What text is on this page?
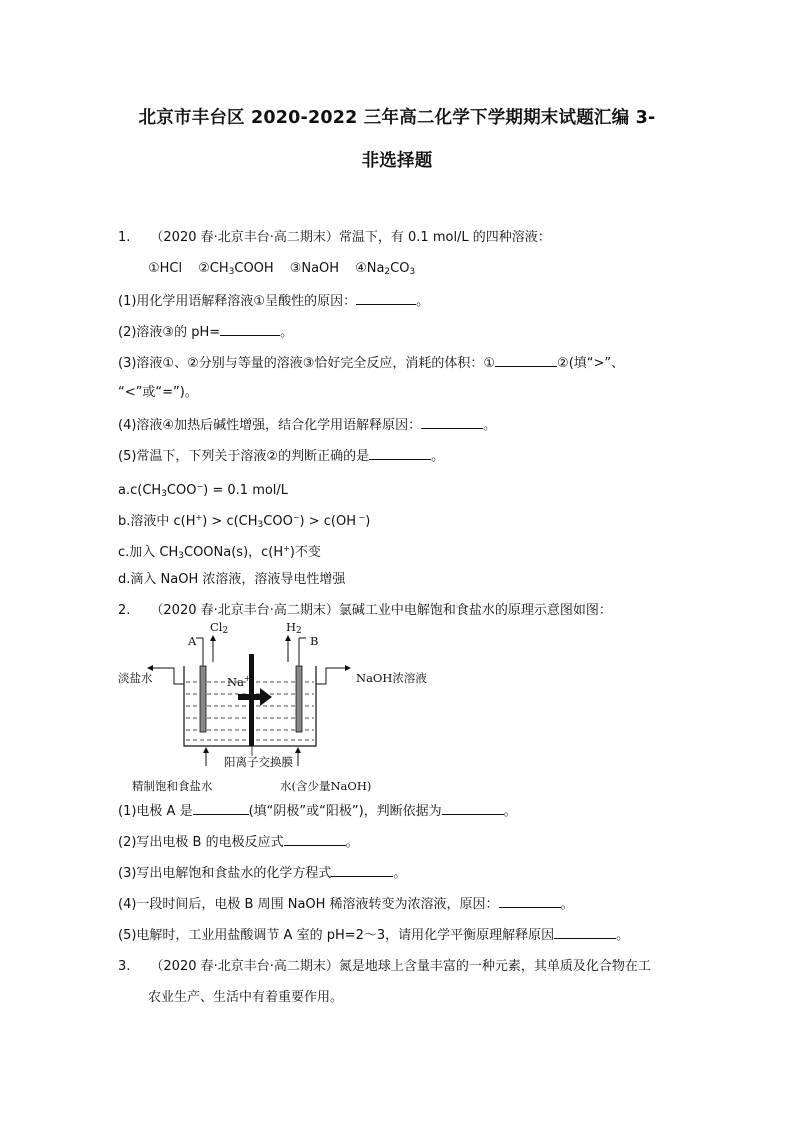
北京市丰台区 2020-2022 三年高二化学下学期期末试题汇编 3-
非选择题
1. （2020 春·北京丰台·高二期末）常温下，有 0.1 mol/L 的四种溶液：
①HCl $②CH_3COOH$ ③NaOH $④Na_2CO_3$
(1)用化学用语解释溶液①呈酸性的原因：	。
(2)溶液③的 pH=	。
(3)溶液①、②分别与等量的溶液③恰好完全反应，消耗的体积：①	②(填“>”、
“<”或“=”)。
(4)溶液④加热后碱性增强，结合化学用语解释原因：	。
(5)常温下，下列关于溶液②的判断正确的是	。
$a.c(CH_3COO^-) = 0.1$ mol/L
b.溶液中 $c(H^+) > c(CH_3COO^-) > c(OH$ −)
c.加入 $CH_3COONa(s)$，c(H+)不变
d.滴入 NaOH 浓溶液，溶液导电性增强
2. （2020 春·北京丰台·高二期末）氯碱工业中电解饱和食盐水的原理示意图如图：
A	B
$Cl_2$	$H_2$
淡盐水	NaOH浓溶液
Na+
阳离子交换膜
精制饱和食盐水	水(含少量NaOH)
(1)电极 A 是	(填“阴极”或“阳极”)，判断依据为	。
(2)写出电极 B 的电极反应式	。
(3)写出电解饱和食盐水的化学方程式	。
(4)一段时间后，电极 B 周围 NaOH 稀溶液转变为浓溶液，原因：	。
(5)电解时，工业用盐酸调节 A 室的 pH=2～3，请用化学平衡原理解释原因	。
3. （2020 春·北京丰台·高二期末）氮是地球上含量丰富的一种元素，其单质及化合物在工
农业生产、生活中有着重要作用。
